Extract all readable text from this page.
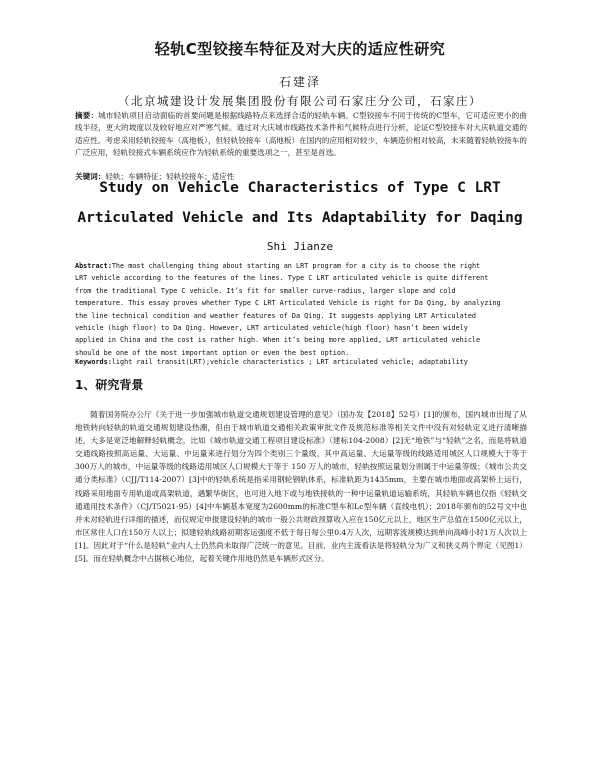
轻轨C型铰接车特征及对大庆的适应性研究
石建泽
（北京城建设计发展集团股份有限公司石家庄分公司，石家庄）
摘要：城市轻轨项目启动面临的首要问题是根据线路特点来选择合适的轻轨车辆。C型铰接车不同于传统的C型车，它可适应更小的曲线半径，更大的坡度以及较好地应对严寒气候。通过对大庆城市线路技术条件和气候特点进行分析，论证C型铰接车对大庆轨道交通的适应性。考虑采用轻轨铰接车（高地板），但轻轨铰接车（高地板）在国内的应用相对较少，车辆造价相对较高，未来随着轻轨铰接车的广泛应用，轻轨铰接式车辆系统应作为轻轨系统的重要选项之一，甚至是首选。
关键词：轻轨；车辆特征；轻轨铰接车；适应性
Study on Vehicle Characteristics of Type C LRT
Articulated Vehicle and Its Adaptability for Daqing
Shi Jianze
Abstract:The most challenging thing about starting an LRT program for a city is to choose the right
LRT vehicle according to the features of the lines. Type C LRT articulated vehicle is quite different
from the traditional Type C vehicle. It’s fit for smaller curve-radius, larger slope and cold
temperature. This essay proves whether Type C LRT Articulated Vehicle is right for Da Qing, by analyzing
the line technical condition and weather features of Da Qing. It suggests applying LRT Articulated
vehicle (high floor) to Da Qing. However, LRT articulated vehicle(high floor) hasn’t been widely
applied in China and the cost is rather high. When it’s being more applied, LRT articulated vehicle
should be one of the most important option or even the best option.
Keywords:light rail transit(LRT);vehicle characteristics ; LRT articulated vehicle; adaptability
1、研究背景
随着国务院办公厅《关于进一步加强城市轨道交通规划建设管理的意见》（国办发【2018】52号）[1]的颁布，国内城市出现了从地铁转向轻轨的轨道交通规划建设热潮，但由于城市轨道交通相关政策审批文件及规范标准等相关文件中没有对轻轨定义进行清晰描述，大多是宽泛地解释轻轨概念，比如《城市轨道交通工程项目建设标准》（建标104-2008）[2]无“地铁”与“轻轨”之名，而是将轨道交通线路按照高运量、大运量、中运量来进行划分为四个类别三个量级，其中高运量、大运量等级的线路适用城区人口规模大于等于300万人的城市，中运量等级的线路适用城区人口规模大于等于 150 万人的城市，轻轨按照运量划分则属于中运量等级；《城市公共交通分类标准》（CJJ/T114-2007）[3]中的轻轨系统是指采用钢轮钢轨体系，标准轨距为1435mm，主要在城市地面或高架桥上运行，线路采用地面专用轨道或高架轨道，遇繁华街区，也可进入地下或与地铁接轨的一种中运量轨道运输系统，其轻轨车辆也仅指《轻轨交通通用技术条件》（CJ/T5021-95）[4]中车辆基本宽度为2600mm的标准C型车和Lc型车辆（直线电机）；2018年颁布的52号文中也并未对轻轨进行详细的描述，而仅规定申报建设轻轨的城市一般公共财政预算收入应在150亿元以上，地区生产总值在1500亿元以上，市区常住人口在150万人以上；拟建轻轨线路初期客运强度不低于每日每公里0.4万人次，远期客流规模达到单向高峰小时1万人次以上[1]。因此对于“什么是轻轨”业内人士仍然尚未取得广泛统一的意见。目前，业内主流看法是将轻轨分为广义和狭义两个界定（见图1）[5]。而在轻轨概念中占据核心地位，起着关键作用地仍然是车辆形式区分。
